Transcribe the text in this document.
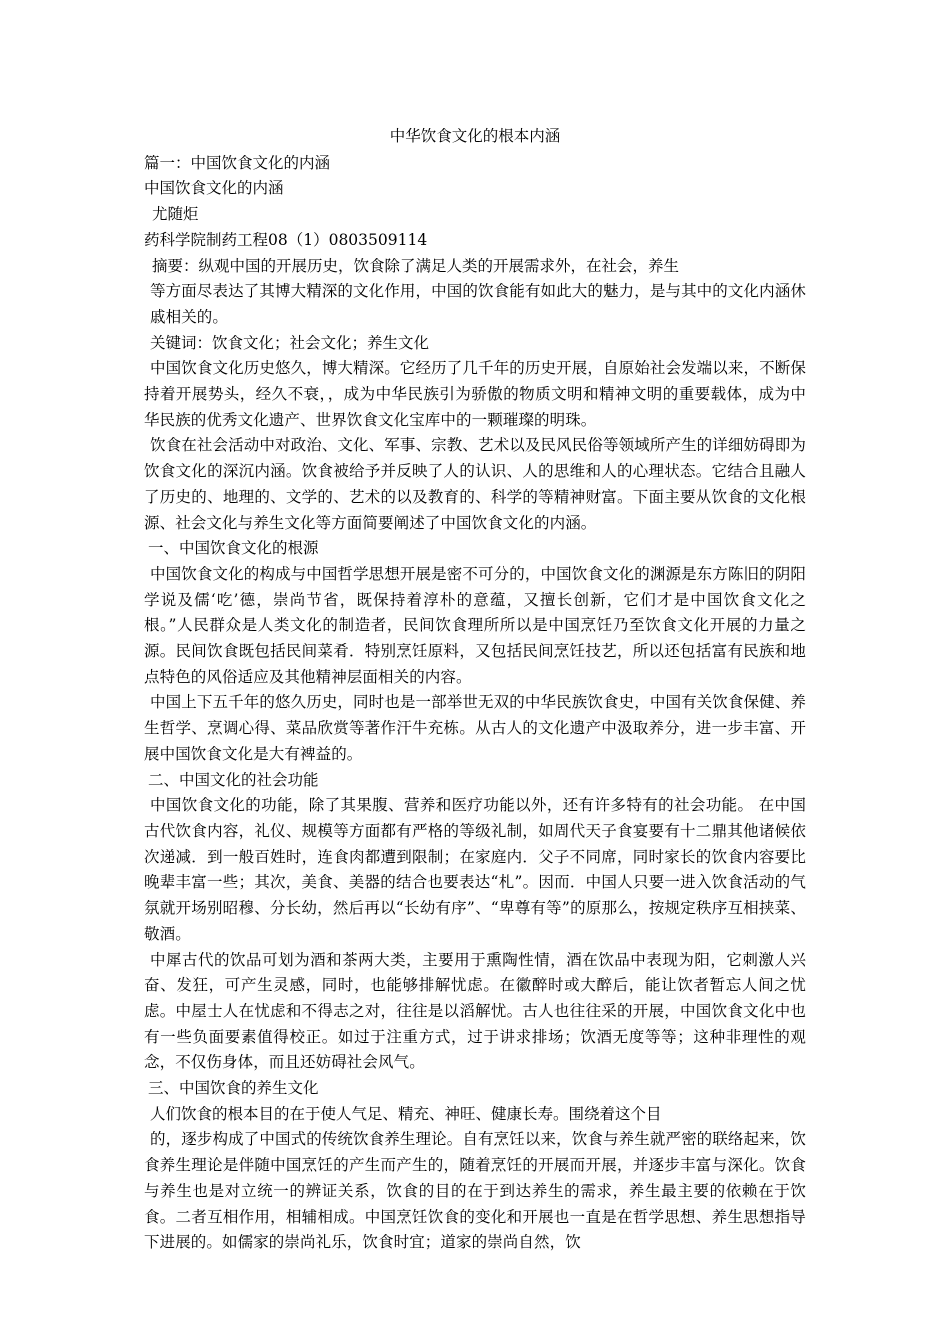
中华饮食文化的根本内涵

篇一：中国饮食文化的内涵

中国饮食文化的内涵

尤随炬

药科学院制药工程08（1）0803509114

摘要：纵观中国的开展历史，饮食除了满足人类的开展需求外，在社会，养生

等方面尽表达了其博大精深的文化作用，中国的饮食能有如此大的魅力，是与其中的文化内涵休戚相关的。

关键词：饮食文化；社会文化；养生文化

中国饮食文化历史悠久，博大精深。它经历了几千年的历史开展，自原始社会发端以来，不断保持着开展势头，经久不衰，，成为中华民族引为骄傲的物质文明和精神文明的重要载体，成为中华民族的优秀文化遗产、世界饮食文化宝库中的一颗璀璨的明珠。

饮食在社会活动中对政治、文化、军事、宗教、艺术以及民风民俗等领域所产生的详细妨碍即为饮食文化的深沉内涵。饮食被给予并反映了人的认识、人的思维和人的心理状态。它结合且融人了历史的、地理的、文学的、艺术的以及教育的、科学的等精神财富。下面主要从饮食的文化根源、社会文化与养生文化等方面简要阐述了中国饮食文化的内涵。

一、中国饮食文化的根源

中国饮食文化的构成与中国哲学思想开展是密不可分的，中国饮食文化的渊源是东方陈旧的阴阳学说及儒‘吃’德，崇尚节省，既保持着淳朴的意蕴，又擅长创新，它们才是中国饮食文化之根。”人民群众是人类文化的制造者，民间饮食理所所以是中国烹饪乃至饮食文化开展的力量之源。民间饮食既包括民间菜肴．特别烹饪原料，又包括民间烹饪技艺，所以还包括富有民族和地点特色的风俗适应及其他精神层面相关的内容。

中国上下五千年的悠久历史，同时也是一部举世无双的中华民族饮食史，中国有关饮食保健、养生哲学、烹调心得、菜品欣赏等著作汗牛充栋。从古人的文化遗产中汲取养分，进一步丰富、开展中国饮食文化是大有裨益的。

二、中国文化的社会功能

中国饮食文化的功能，除了其果腹、营养和医疗功能以外，还有许多特有的社会功能。 在中国古代饮食内容，礼仪、规模等方面都有严格的等级礼制，如周代天子食宴要有十二鼎其他诸候依次递减．到一般百姓时，连食肉都遭到限制；在家庭内．父子不同席，同时家长的饮食内容要比晚辈丰富一些；其次，美食、美器的结合也要表达“札”。因而．中国人只要一进入饮食活动的气氛就开场别昭穆、分长幼，然后再以“长幼有序”、“卑尊有等”的原那么，按规定秩序互相挟菜、敬酒。

中犀古代的饮品可划为酒和茶两大类，主要用于熏陶性情，酒在饮品中表现为阳，它刺激人兴奋、发狂，可产生灵感，同时，也能够排解忧虑。在徽醉时或大醉后，能让饮者暂忘人间之忧虑。中屋士人在忧虑和不得志之对，往往是以滔解忧。古人也往往采的开展，中国饮食文化中也有一些负面要素值得校正。如过于注重方式，过于讲求排场；饮酒无度等等；这种非理性的观念，不仅伤身体，而且还妨碍社会风气。

三、中国饮食的养生文化

人们饮食的根本目的在于使人气足、精充、神旺、健康长寿。围绕着这个目

的，逐步构成了中国式的传统饮食养生理论。自有烹饪以来，饮食与养生就严密的联络起来，饮食养生理论是伴随中国烹饪的产生而产生的，随着烹饪的开展而开展，并逐步丰富与深化。饮食与养生也是对立统一的辨证关系，饮食的目的在于到达养生的需求，养生最主要的依赖在于饮食。二者互相作用，相辅相成。中国烹饪饮食的变化和开展也一直是在哲学思想、养生思想指导下进展的。如儒家的崇尚礼乐，饮食时宜；道家的崇尚自然，饮
